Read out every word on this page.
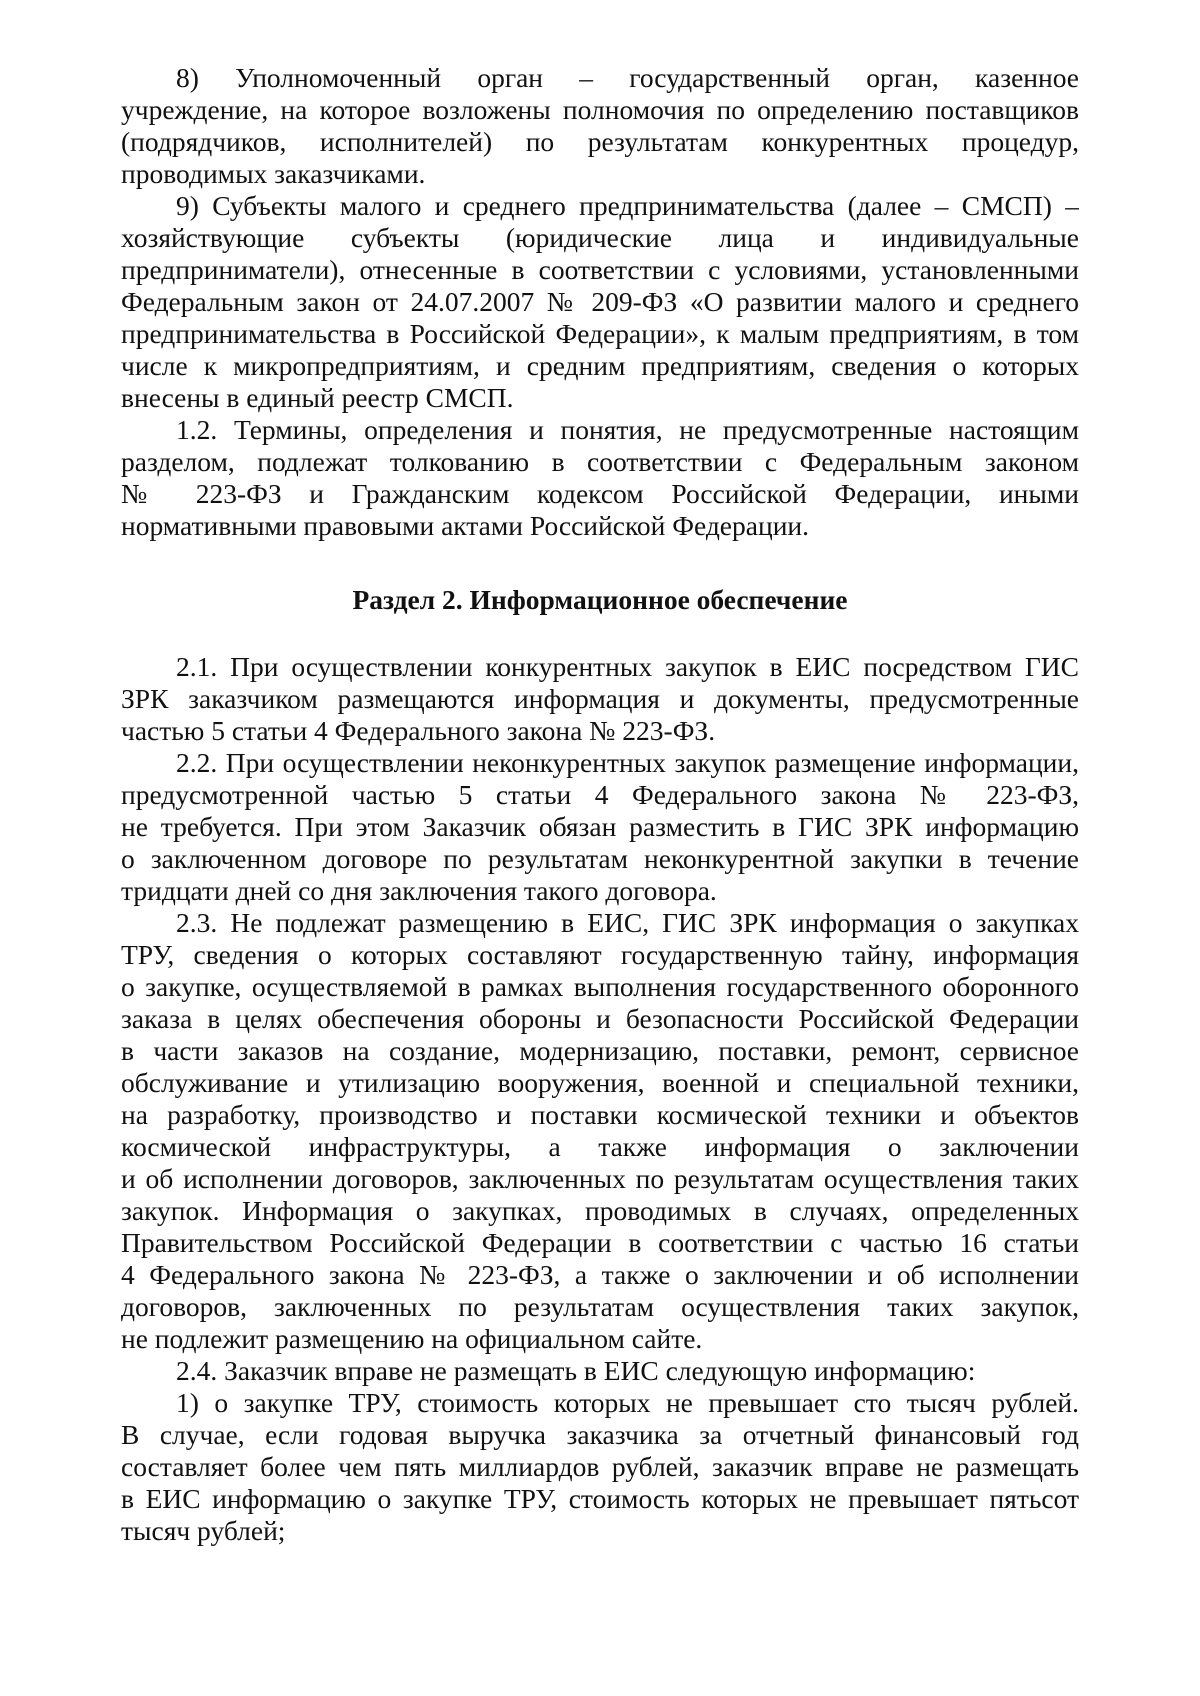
8) Уполномоченный орган – государственный орган, казенное
учреждение, на которое возложены полномочия по определению поставщиков
(подрядчиков, исполнителей) по результатам конкурентных процедур,
проводимых заказчиками.
9) Субъекты малого и среднего предпринимательства (далее – СМСП) –
хозяйствующие субъекты (юридические лица и индивидуальные
предприниматели), отнесенные в соответствии с условиями, установленными
Федеральным закон от 24.07.2007 № 209-ФЗ «О развитии малого и среднего
предпринимательства в Российской Федерации», к малым предприятиям, в том
числе к микропредприятиям, и средним предприятиям, сведения о которых
внесены в единый реестр СМСП.
1.2. Термины, определения и понятия, не предусмотренные настоящим
разделом, подлежат толкованию в соответствии с Федеральным законом
№ 223-ФЗ и Гражданским кодексом Российской Федерации, иными
нормативными правовыми актами Российской Федерации.
Раздел 2. Информационное обеспечение
2.1. При осуществлении конкурентных закупок в ЕИС посредством ГИС
ЗРК заказчиком размещаются информация и документы, предусмотренные
частью 5 статьи 4 Федерального закона № 223-ФЗ.
2.2. При осуществлении неконкурентных закупок размещение информации,
предусмотренной частью 5 статьи 4 Федерального закона № 223-ФЗ,
не требуется. При этом Заказчик обязан разместить в ГИС ЗРК информацию
о заключенном договоре по результатам неконкурентной закупки в течение
тридцати дней со дня заключения такого договора.
2.3. Не подлежат размещению в ЕИС, ГИС ЗРК информация о закупках
ТРУ, сведения о которых составляют государственную тайну, информация
о закупке, осуществляемой в рамках выполнения государственного оборонного
заказа в целях обеспечения обороны и безопасности Российской Федерации
в части заказов на создание, модернизацию, поставки, ремонт, сервисное
обслуживание и утилизацию вооружения, военной и специальной техники,
на разработку, производство и поставки космической техники и объектов
космической инфраструктуры, а также информация о заключении
и об исполнении договоров, заключенных по результатам осуществления таких
закупок. Информация о закупках, проводимых в случаях, определенных
Правительством Российской Федерации в соответствии с частью 16 статьи
4 Федерального закона № 223-ФЗ, а также о заключении и об исполнении
договоров, заключенных по результатам осуществления таких закупок,
не подлежит размещению на официальном сайте.
2.4. Заказчик вправе не размещать в ЕИС следующую информацию:
1) о закупке ТРУ, стоимость которых не превышает сто тысяч рублей.
В случае, если годовая выручка заказчика за отчетный финансовый год
составляет более чем пять миллиардов рублей, заказчик вправе не размещать
в ЕИС информацию о закупке ТРУ, стоимость которых не превышает пятьсот
тысяч рублей;
